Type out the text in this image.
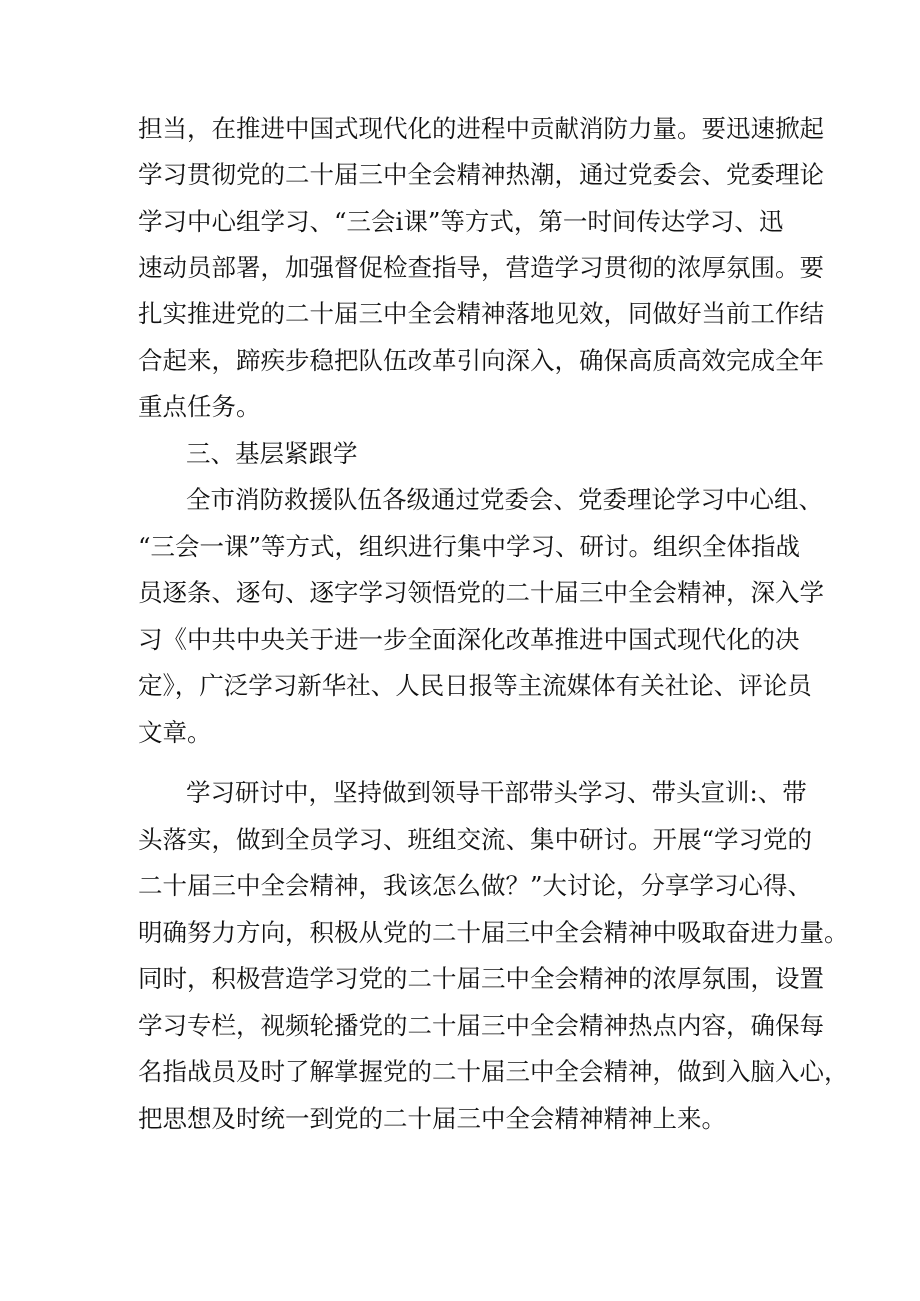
担当，在推进中国式现代化的进程中贡献消防力量。要迅速掀起
学习贯彻党的二十届三中全会精神热潮，通过党委会、党委理论
学习中心组学习、“三会i课”等方式，第一时间传达学习、迅
速动员部署，加强督促检查指导，营造学习贯彻的浓厚氛围。要
扎实推进党的二十届三中全会精神落地见效，同做好当前工作结
合起来，蹄疾步稳把队伍改革引向深入，确保高质高效完成全年
重点任务。
三、基层紧跟学
全市消防救援队伍各级通过党委会、党委理论学习中心组、
“三会一课”等方式，组织进行集中学习、研讨。组织全体指战
员逐条、逐句、逐字学习领悟党的二十届三中全会精神，深入学
习《中共中央关于进一步全面深化改革推进中国式现代化的决
定》，广泛学习新华社、人民日报等主流媒体有关社论、评论员
文章。
学习研讨中，坚持做到领导干部带头学习、带头宣训:、带
头落实，做到全员学习、班组交流、集中研讨。开展“学习党的
二十届三中全会精神，我该怎么做？”大讨论，分享学习心得、
明确努力方向，积极从党的二十届三中全会精神中吸取奋进力量。
同时，积极营造学习党的二十届三中全会精神的浓厚氛围，设置
学习专栏，视频轮播党的二十届三中全会精神热点内容，确保每
名指战员及时了解掌握党的二十届三中全会精神，做到入脑入心，
把思想及时统一到党的二十届三中全会精神精神上来。
